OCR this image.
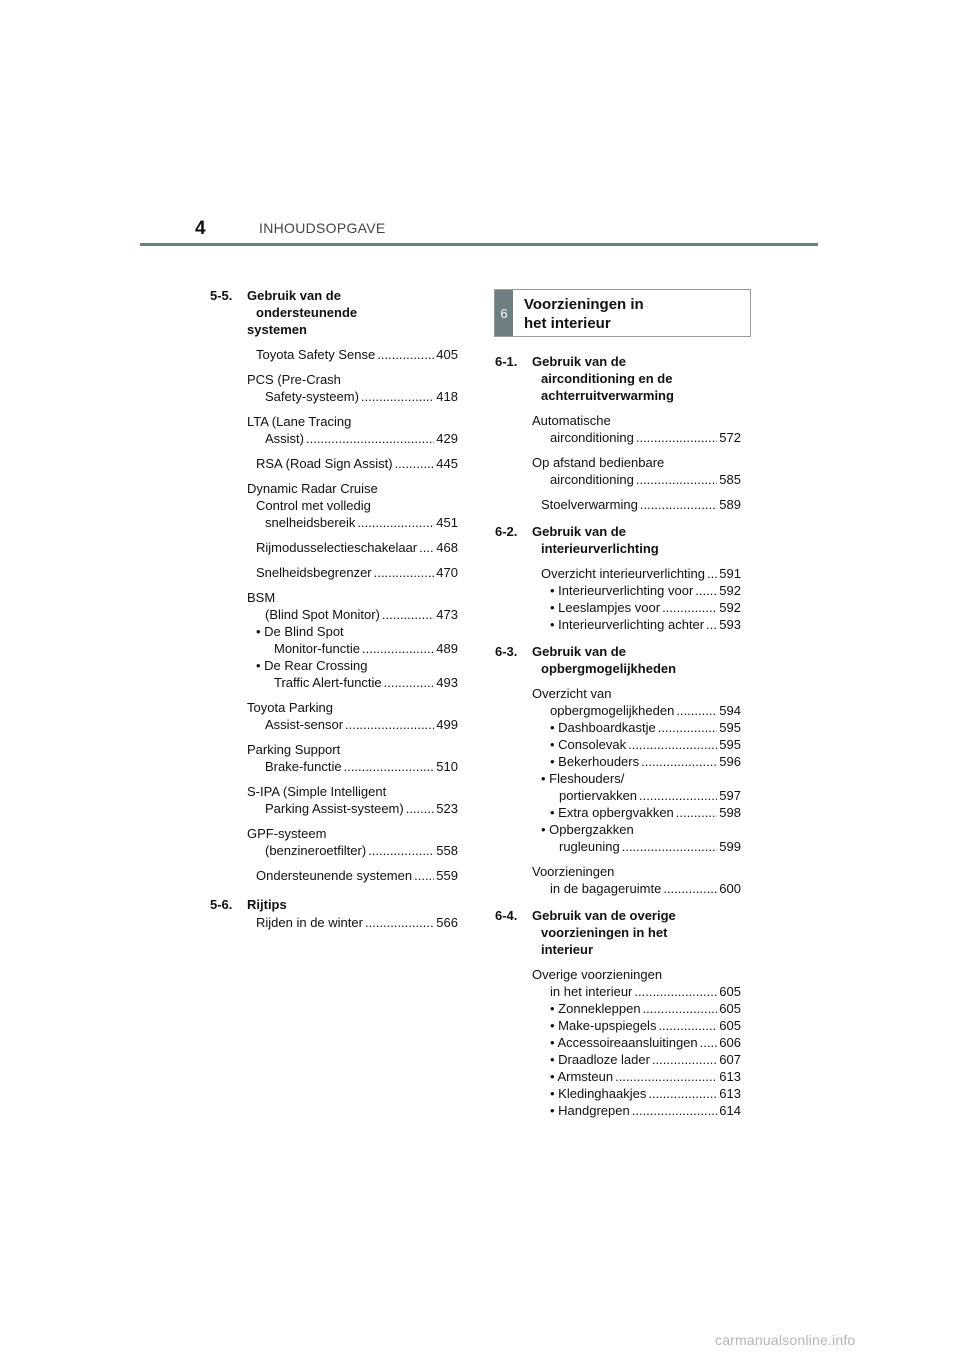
4	INHOUDSOPGAVE
5-5. Gebruik van de
ondersteunende
systemen
Toyota Safety Sense .....	405
PCS (Pre-Crash
Safety-systeem) .....	418
LTA (Lane Tracing
Assist) .....	429
RSA (Road Sign Assist) .....	445
Dynamic Radar Cruise
Control met volledig
snelheidsbereik .....	451
Rijmodusselectieschakelaar ..... 468
Snelheidsbegrenzer .....	470
BSM
(Blind Spot Monitor) .....	473
• De Blind Spot
Monitor-functie .....	489
• De Rear Crossing
Traffic Alert-functie .....	493
Toyota Parking
Assist-sensor .....	499
Parking Support
Brake-functie .....	510
S-IPA (Simple Intelligent
Parking Assist-systeem) .....	523
GPF-systeem
(benzineroetfilter) .....	558
Ondersteunende systemen ..... 559
5-6. Rijtips
Rijden in de winter .....	566
6	Voorzieningen in
het interieur
6-1. Gebruik van de
airconditioning en de
achterruitverwarming
Automatische
airconditioning .....	572
Op afstand bedienbare
airconditioning .....	585
Stoelverwarming .....	589
6-2. Gebruik van de
interieurverlichting
Overzicht interieurverlichting ..... 591
• Interieurverlichting voor ..... 592
• Leeslampjes voor .....	592
• Interieurverlichting achter ..... 593
6-3. Gebruik van de
opbergmogelijkheden
Overzicht van
opbergmogelijkheden .....	594
• Dashboardkastje .....	595
• Consolevak .....	595
• Bekerhouders .....	596
• Fleshouders/
portiervakken .....	597
• Extra opbergvakken .....	598
• Opbergzakken
rugleuning .....	599
Voorzieningen
in de bagageruimte .....	600
6-4. Gebruik van de overige
voorzieningen in het
interieur
Overige voorzieningen
in het interieur .....	605
• Zonnekleppen .....	605
• Make-upspiegels .....	605
• Accessoireaansluitingen ..... 606
• Draadloze lader .....	607
• Armsteun .....	613
• Kledinghaakjes .....	613
• Handgrepen .....	614
carmanualsonline.info
